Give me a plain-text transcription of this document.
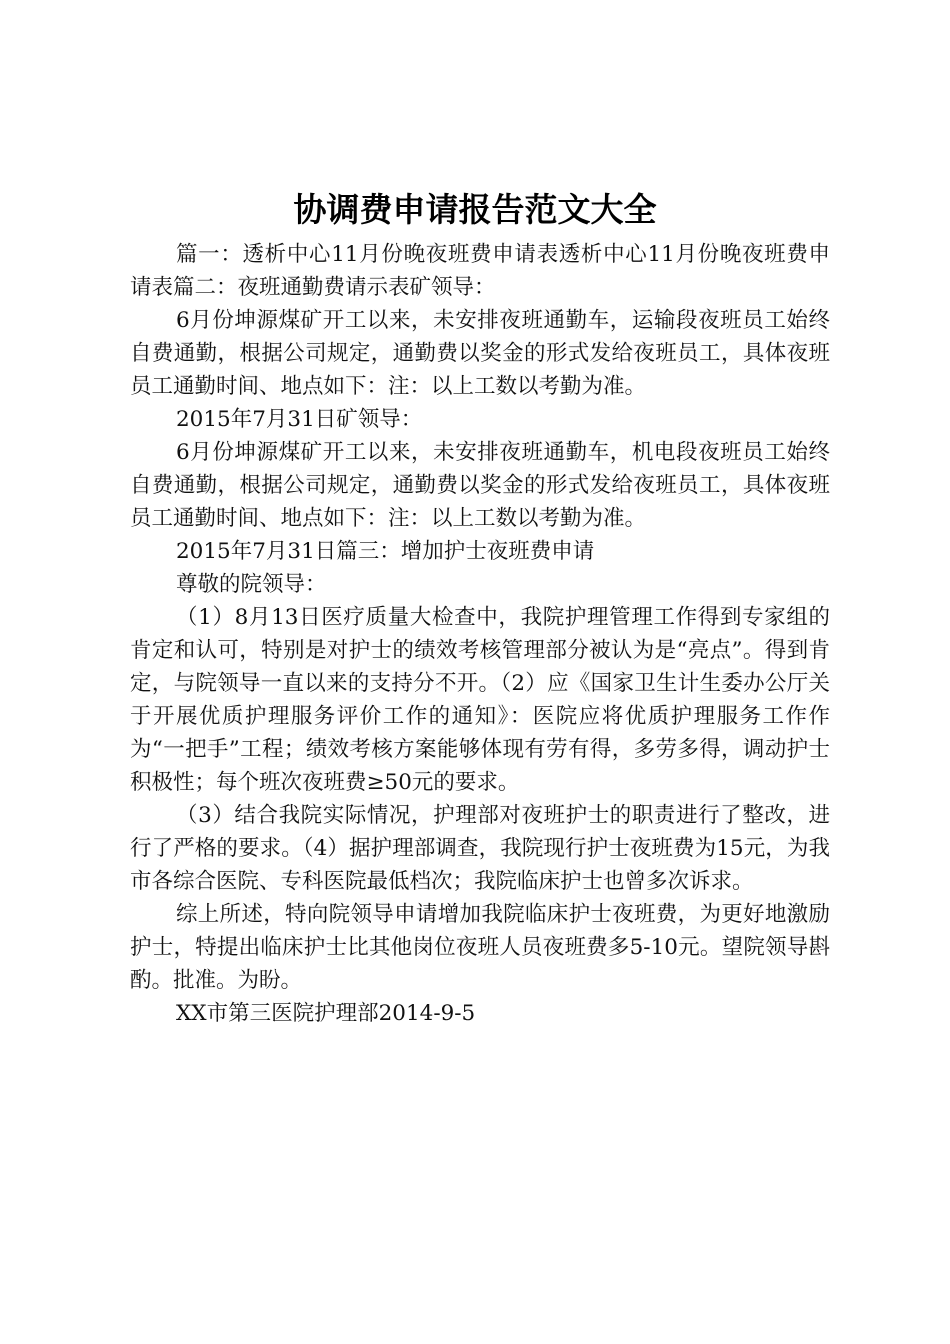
协调费申请报告范文大全

篇一：透析中心11月份晚夜班费申请表透析中心11月份晚夜班费申请表篇二：夜班通勤费请示表矿领导：

6月份坤源煤矿开工以来，未安排夜班通勤车，运输段夜班员工始终自费通勤，根据公司规定，通勤费以奖金的形式发给夜班员工，具体夜班员工通勤时间、地点如下：注：以上工数以考勤为准。

2015年7月31日矿领导：

6月份坤源煤矿开工以来，未安排夜班通勤车，机电段夜班员工始终自费通勤，根据公司规定，通勤费以奖金的形式发给夜班员工，具体夜班员工通勤时间、地点如下：注：以上工数以考勤为准。

2015年7月31日篇三：增加护士夜班费申请

尊敬的院领导：

（1）8月13日医疗质量大检查中，我院护理管理工作得到专家组的肯定和认可，特别是对护士的绩效考核管理部分被认为是“亮点”。得到肯定，与院领导一直以来的支持分不开。（2）应《国家卫生计生委办公厅关于开展优质护理服务评价工作的通知》：医院应将优质护理服务工作作为“一把手”工程；绩效考核方案能够体现有劳有得，多劳多得，调动护士积极性；每个班次夜班费≥50元的要求。

（3）结合我院实际情况，护理部对夜班护士的职责进行了整改，进行了严格的要求。（4）据护理部调查，我院现行护士夜班费为15元，为我市各综合医院、专科医院最低档次；我院临床护士也曾多次诉求。

综上所述，特向院领导申请增加我院临床护士夜班费，为更好地激励护士，特提出临床护士比其他岗位夜班人员夜班费多5-10元。望院领导斟酌。批准。为盼。

XX市第三医院护理部2014-9-5
